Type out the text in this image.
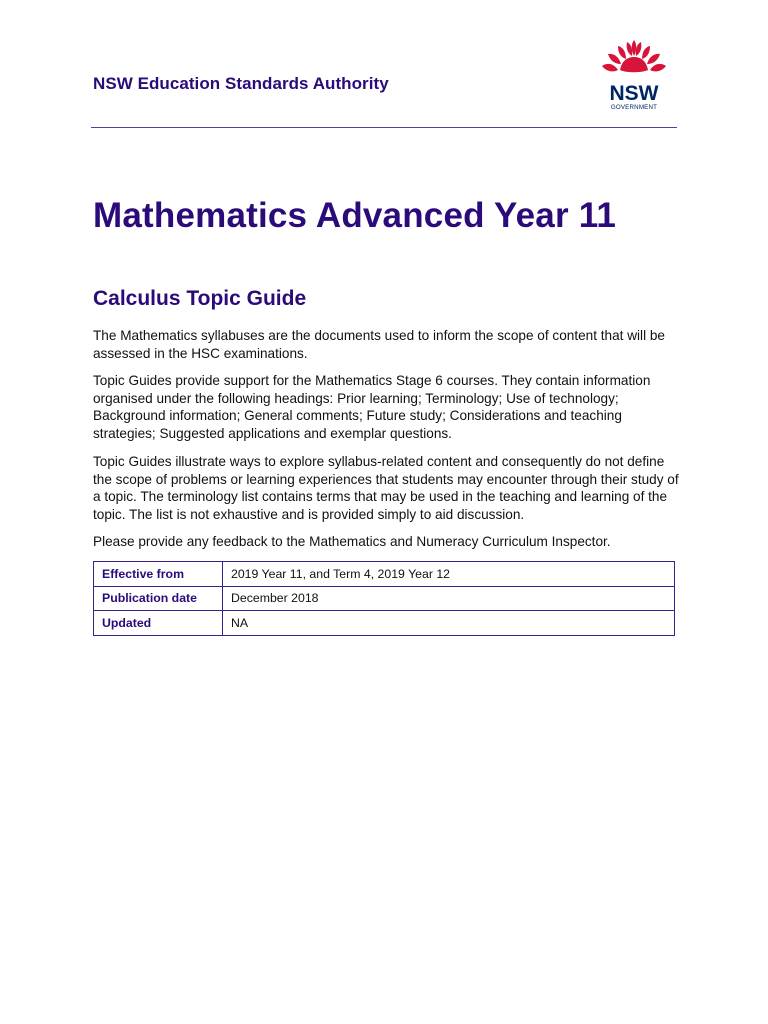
NSW Education Standards Authority	NSW
GOVERNMENT
Mathematics Advanced Year 11
Calculus Topic Guide

The Mathematics syllabuses are the documents used to inform the scope of content that will be assessed in the HSC examinations.

Topic Guides provide support for the Mathematics Stage 6 courses. They contain information organised under the following headings: Prior learning; Terminology; Use of technology; Background information; General comments; Future study; Considerations and teaching strategies; Suggested applications and exemplar questions.

Topic Guides illustrate ways to explore syllabus-related content and consequently do not define the scope of problems or learning experiences that students may encounter through their study of a topic. The terminology list contains terms that may be used in the teaching and learning of the topic. The list is not exhaustive and is provided simply to aid discussion.

Please provide any feedback to the Mathematics and Numeracy Curriculum Inspector.

Effective from	2019 Year 11, and Term 4, 2019 Year 12
Publication date	December 2018
Updated	NA
